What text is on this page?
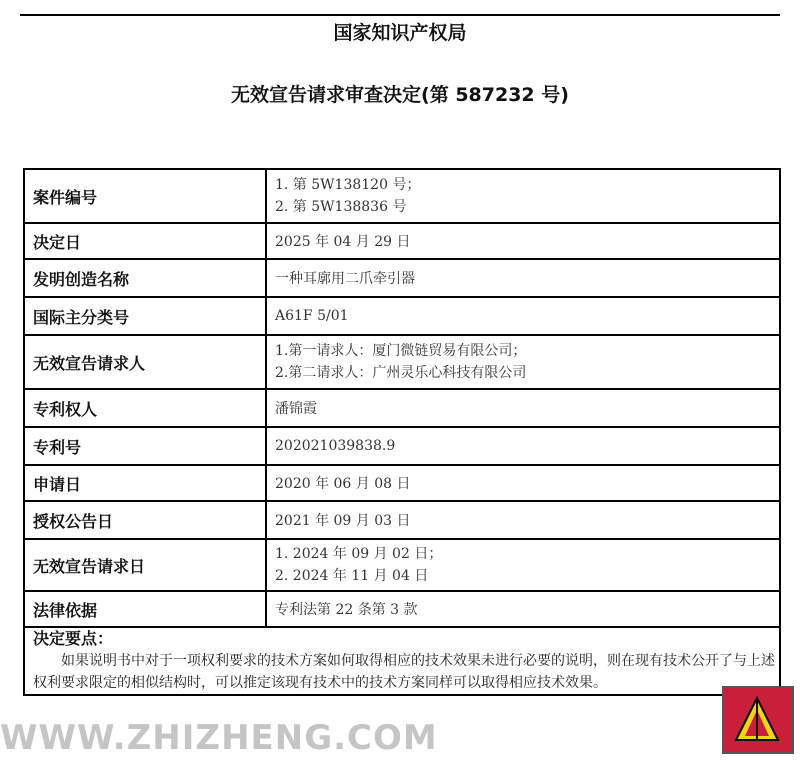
国家知识产权局
无效宣告请求审查决定(第 587232 号)
案件编号	1. 第 5W138120 号；
2. 第 5W138836 号

决定日	2025 年 04 月 29 日
发明创造名称	一种耳廓用二爪牵引器
国际主分类号	A61F 5/01
无效宣告请求人	1.第一请求人：厦门微链贸易有限公司；
2.第二请求人：广州灵乐心科技有限公司

专利权人	潘锦霞
专利号	202021039838.9
申请日	2020 年 06 月 08 日
授权公告日	2021 年 09 月 03 日
无效宣告请求日	1. 2024 年 09 月 02 日；
2. 2024 年 11 月 04 日

法律依据	专利法第 22 条第 3 款

决定要点：
如果说明书中对于一项权利要求的技术方案如何取得相应的技术效果未进行必要的说明，则在现有技术公开了与上述权利要求限定的相似结构时，可以推定该现有技术中的技术方案同样可以取得相应技术效果。	
WWW.ZHIZHENG.COM
